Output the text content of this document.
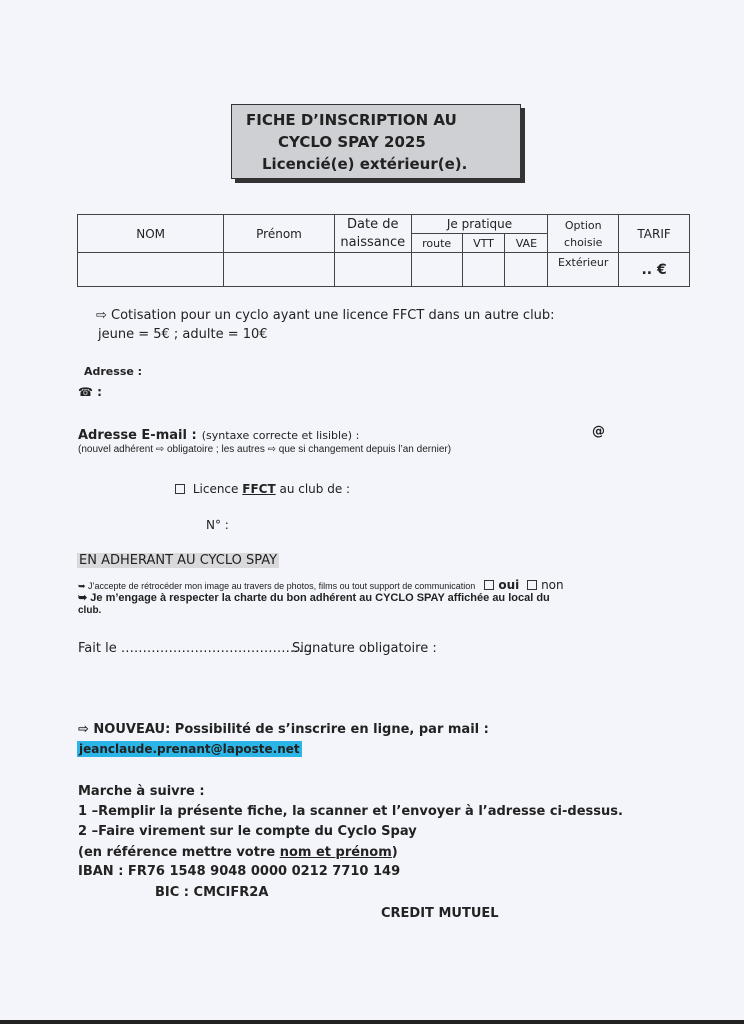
FICHE D’INSCRIPTION AU
CYCLO SPAY 2025
Licencié(e) extérieur(e).
NOM	Prénom	Date de naissance	Je pratique			Option choisie	TARIF
			route	VTT	VAE		
						Extérieur	.. €
⇨ Cotisation pour un cyclo ayant une licence FFCT dans un autre club:
jeune = 5€ ; adulte = 10€
Adresse :
☎ :
Adresse E-mail : (syntaxe correcte et lisible) :	@
(nouvel adhérent ⇨ obligatoire ; les autres ⇨ que si changement depuis l’an dernier)
Licence FFCT au club de :
N° :
EN ADHERANT AU CYCLO SPAY
➥ J’accepte de rétrocéder mon image au travers de photos, films ou tout support de communication oui non
➥ Je m’engage à respecter la charte du bon adhérent au CYCLO SPAY affichée au local du
club.
Fait le ………………………………………
Signature obligatoire :
⇨ NOUVEAU: Possibilité de s’inscrire en ligne, par mail :
jeanclaude.prenant@laposte.net
Marche à suivre :
1 –Remplir la présente fiche, la scanner et l’envoyer à l’adresse ci-dessus.
2 –Faire virement sur le compte du Cyclo Spay
(en référence mettre votre nom et prénom)
IBAN : FR76 1548 9048 0000 0212 7710 149
BIC : CMCIFR2A
CREDIT MUTUEL
